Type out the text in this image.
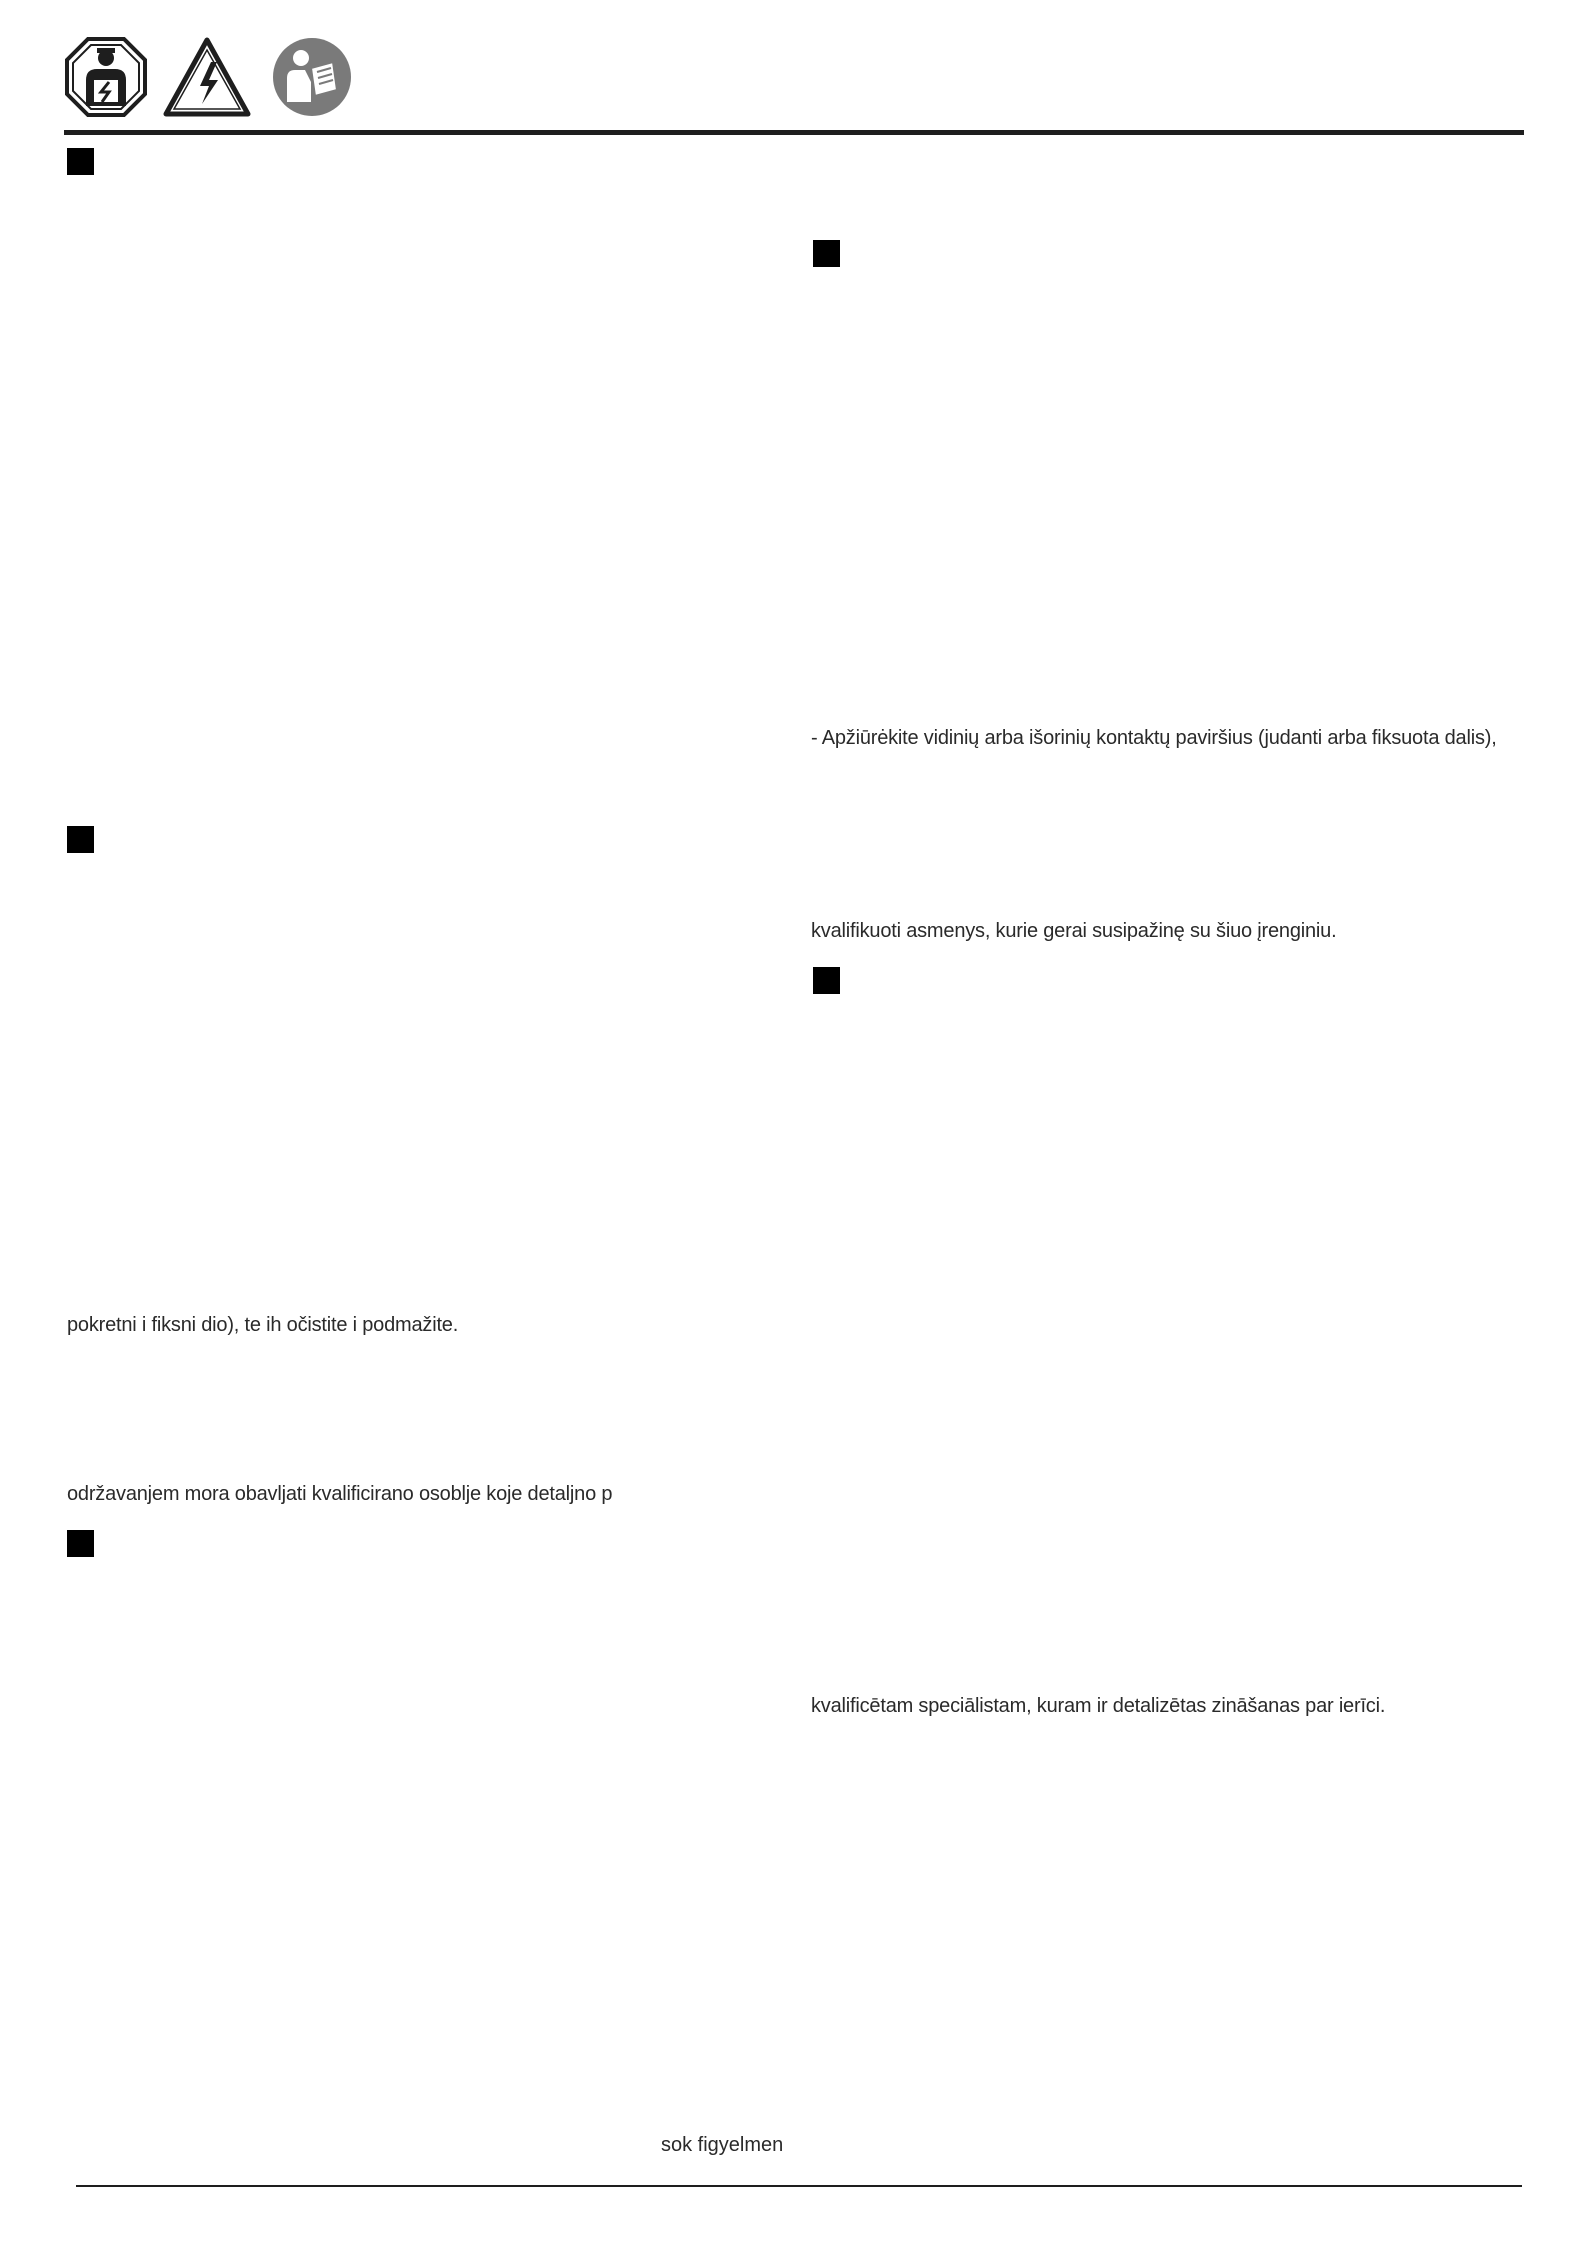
pokretni i fiksni dio), te ih očistite i podmažite.
održavanjem mora obavljati kvalificirano osoblje koje detaljno p
- Apžiūrėkite vidinių arba išorinių kontaktų paviršius (judanti arba fiksuota dalis),
kvalifikuoti asmenys, kurie gerai susipažinę su šiuo įrenginiu.
kvalificētam speciālistam, kuram ir detalizētas zināšanas par ierīci.
sok figyelmen
